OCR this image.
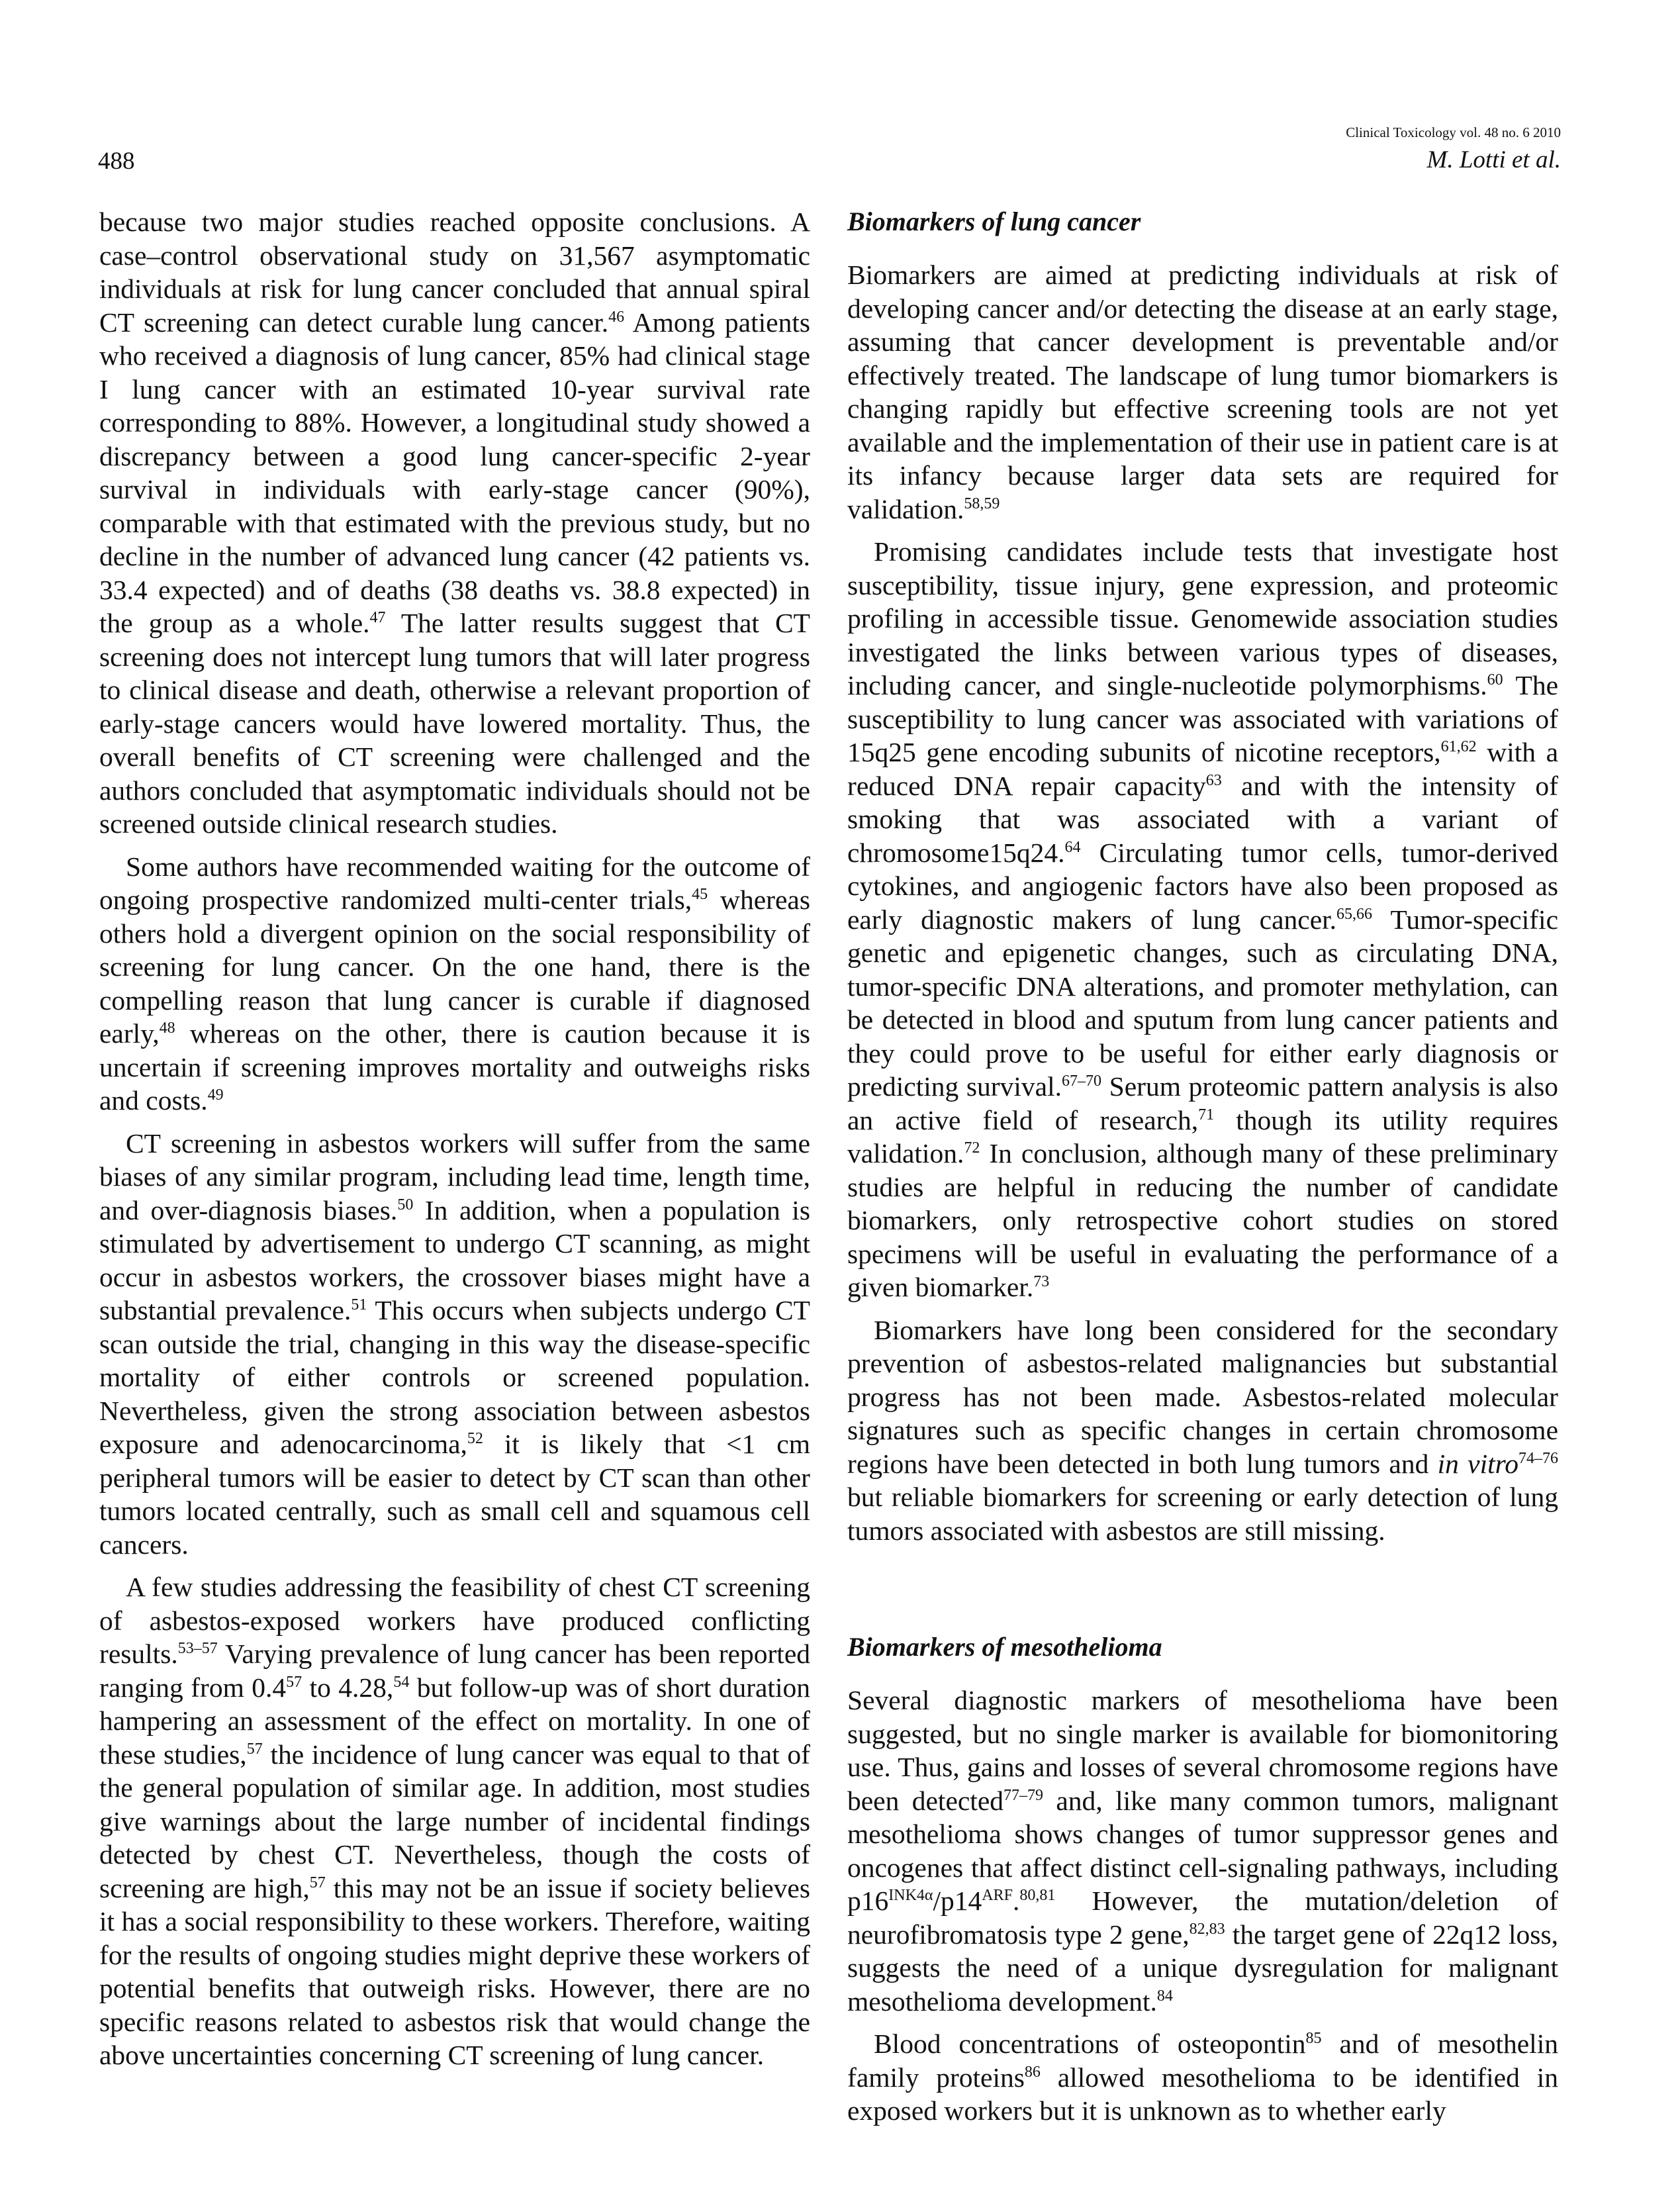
Clinical Toxicology vol. 48 no. 6 2010
488	M. Lotti et al.

because two major studies reached opposite conclusions. A case–control observational study on 31,567 asymptomatic individuals at risk for lung cancer concluded that annual spiral CT screening can detect curable lung cancer.$^{46}$ Among patients who received a diagnosis of lung cancer, 85% had clinical stage I lung cancer with an estimated 10-year survival rate corresponding to 88%. However, a longitudinal study showed a discrepancy between a good lung cancer-specific 2-year survival in individuals with early-stage cancer (90%), comparable with that estimated with the previous study, but no decline in the number of advanced lung cancer (42 patients vs. 33.4 expected) and of deaths (38 deaths vs. 38.8 expected) in the group as a whole.$^{47}$ The latter results suggest that CT screening does not intercept lung tumors that will later progress to clinical disease and death, otherwise a relevant proportion of early-stage cancers would have lowered mortality. Thus, the overall benefits of CT screening were challenged and the authors concluded that asymptomatic individuals should not be screened outside clinical research studies.

Some authors have recommended waiting for the outcome of ongoing prospective randomized multi-center trials,$^{45}$ whereas others hold a divergent opinion on the social responsibility of screening for lung cancer. On the one hand, there is the compelling reason that lung cancer is curable if diagnosed early,$^{48}$ whereas on the other, there is caution because it is uncertain if screening improves mortality and outweighs risks and costs.$^{49}$

CT screening in asbestos workers will suffer from the same biases of any similar program, including lead time, length time, and over-diagnosis biases.$^{50}$ In addition, when a population is stimulated by advertisement to undergo CT scanning, as might occur in asbestos workers, the crossover biases might have a substantial prevalence.$^{51}$ This occurs when subjects undergo CT scan outside the trial, changing in this way the disease-specific mortality of either controls or screened population. Nevertheless, given the strong association between asbestos exposure and adenocarcinoma,$^{52}$ it is likely that <1 cm peripheral tumors will be easier to detect by CT scan than other tumors located centrally, such as small cell and squamous cell cancers.

A few studies addressing the feasibility of chest CT screening of asbestos-exposed workers have produced conflicting results.$^{53-57}$ Varying prevalence of lung cancer has been reported ranging from $0.4^{57}$ to 4.28,54 but follow-up was of short duration hampering an assessment of the effect on mortality. In one of these studies,$^{57}$ the incidence of lung cancer was equal to that of the general population of similar age. In addition, most studies give warnings about the large number of incidental findings detected by chest CT. Nevertheless, though the costs of screening are high,$^{57}$ this may not be an issue if society believes it has a social responsibility to these workers. Therefore, waiting for the results of ongoing studies might deprive these workers of potential benefits that outweigh risks. However, there are no specific reasons related to asbestos risk that would change the above uncertainties concerning CT screening of lung cancer.

Biomarkers of lung cancer

Biomarkers are aimed at predicting individuals at risk of developing cancer and/or detecting the disease at an early stage, assuming that cancer development is preventable and/or effectively treated. The landscape of lung tumor biomarkers is changing rapidly but effective screening tools are not yet available and the implementation of their use in patient care is at its infancy because larger data sets are required for validation.$^{58,59}$

Promising candidates include tests that investigate host susceptibility, tissue injury, gene expression, and proteomic profiling in accessible tissue. Genomewide association studies investigated the links between various types of diseases, including cancer, and single-nucleotide polymorphisms.$^{60}$ The susceptibility to lung cancer was associated with variations of 15q25 gene encoding subunits of nicotine receptors,$^{61,62}$ with a reduced DNA repair capacity$^{63}$ and with the intensity of smoking that was associated with a variant of chromosome15q24.64 Circulating tumor cells, tumor-derived cytokines, and angiogenic factors have also been proposed as early diagnostic makers of lung cancer.$^{65,66}$ Tumor-specific genetic and epigenetic changes, such as circulating DNA, tumor-specific DNA alterations, and promoter methylation, can be detected in blood and sputum from lung cancer patients and they could prove to be useful for either early diagnosis or predicting survival.$^{67-70}$ Serum proteomic pattern analysis is also an active field of research,$^{71}$ though its utility requires validation.$^{72}$ In conclusion, although many of these preliminary studies are helpful in reducing the number of candidate biomarkers, only retrospective cohort studies on stored specimens will be useful in evaluating the performance of a given biomarker.$^{73}$

Biomarkers have long been considered for the secondary prevention of asbestos-related malignancies but substantial progress has not been made. Asbestos-related molecular signatures such as specific changes in certain chromosome regions have been detected in both lung tumors and in vitro$^{74-76}$ but reliable biomarkers for screening or early detection of lung tumors associated with asbestos are still missing.

Biomarkers of mesothelioma

Several diagnostic markers of mesothelioma have been suggested, but no single marker is available for biomonitoring use. Thus, gains and losses of several chromosome regions have been detected$^{77-79}$ and, like many common tumors, malignant mesothelioma shows changes of tumor suppressor genes and oncogenes that affect distinct cell-signaling pathways, including $p16^{INK4\alpha}/p14^{ARF}.^{80,81}$ However, the mutation/deletion of neurofibromatosis type 2 gene,$^{82,83}$ the target gene of 22q12 loss, suggests the need of a unique dysregulation for malignant mesothelioma development.$^{84}$

Blood concentrations of osteopontin$^{85}$ and of mesothelin family proteins$^{86}$ allowed mesothelioma to be identified in exposed workers but it is unknown as to whether early
